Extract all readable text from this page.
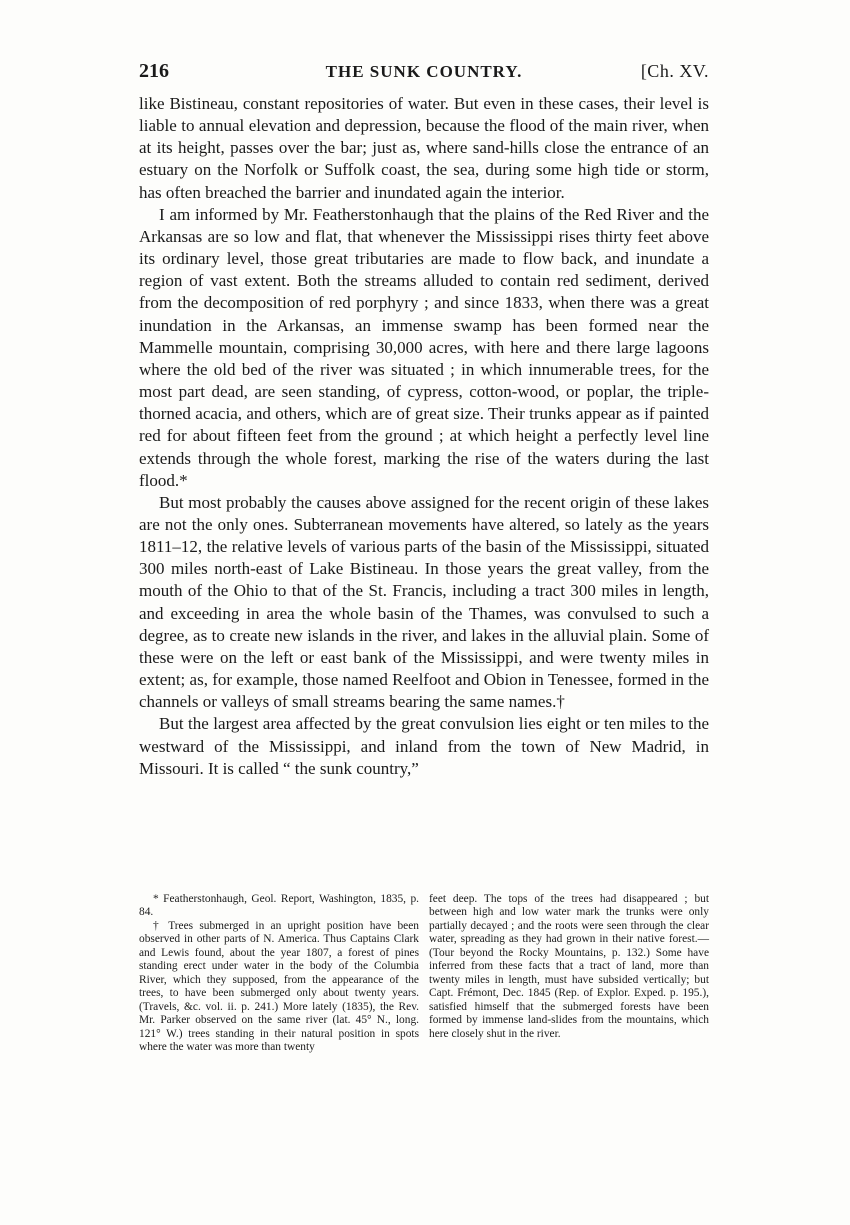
216	THE SUNK COUNTRY.	[Ch. XV.

like Bistineau, constant repositories of water. But even in these cases, their level is liable to annual elevation and depression, because the flood of the main river, when at its height, passes over the bar; just as, where sand-hills close the entrance of an estuary on the Norfolk or Suffolk coast, the sea, during some high tide or storm, has often breached the barrier and inundated again the interior.

I am informed by Mr. Featherstonhaugh that the plains of the Red River and the Arkansas are so low and flat, that whenever the Mississippi rises thirty feet above its ordinary level, those great tributaries are made to flow back, and inundate a region of vast extent. Both the streams alluded to contain red sediment, derived from the decomposition of red porphyry ; and since 1833, when there was a great inundation in the Arkansas, an immense swamp has been formed near the Mammelle mountain, comprising 30,000 acres, with here and there large lagoons where the old bed of the river was situated ; in which innumerable trees, for the most part dead, are seen standing, of cypress, cotton-wood, or poplar, the triple-thorned acacia, and others, which are of great size. Their trunks appear as if painted red for about fifteen feet from the ground ; at which height a perfectly level line extends through the whole forest, marking the rise of the waters during the last flood.*

But most probably the causes above assigned for the recent origin of these lakes are not the only ones. Subterranean movements have altered, so lately as the years 1811–12, the relative levels of various parts of the basin of the Mississippi, situated 300 miles north-east of Lake Bistineau. In those years the great valley, from the mouth of the Ohio to that of the St. Francis, including a tract 300 miles in length, and exceeding in area the whole basin of the Thames, was convulsed to such a degree, as to create new islands in the river, and lakes in the alluvial plain. Some of these were on the left or east bank of the Mississippi, and were twenty miles in extent; as, for example, those named Reelfoot and Obion in Tenessee, formed in the channels or valleys of small streams bearing the same names.†

But the largest area affected by the great convulsion lies eight or ten miles to the westward of the Mississippi, and inland from the town of New Madrid, in Missouri. It is called “ the sunk country,”

* Featherstonhaugh, Geol. Report, Washington, 1835, p. 84.

† Trees submerged in an upright position have been observed in other parts of N. America. Thus Captains Clark and Lewis found, about the year 1807, a forest of pines standing erect under water in the body of the Columbia River, which they supposed, from the appearance of the trees, to have been submerged only about twenty years. (Travels, &c. vol. ii. p. 241.) More lately (1835), the Rev. Mr. Parker observed on the same river (lat. 45° N., long. 121° W.) trees standing in their natural position in spots where the water was more than twenty

feet deep. The tops of the trees had disappeared ; but between high and low water mark the trunks were only partially decayed ; and the roots were seen through the clear water, spreading as they had grown in their native forest.— (Tour beyond the Rocky Mountains, p. 132.) Some have inferred from these facts that a tract of land, more than twenty miles in length, must have subsided vertically; but Capt. Frémont, Dec. 1845 (Rep. of Explor. Exped. p. 195.), satisfied himself that the submerged forests have been formed by immense land-slides from the mountains, which here closely shut in the river.
